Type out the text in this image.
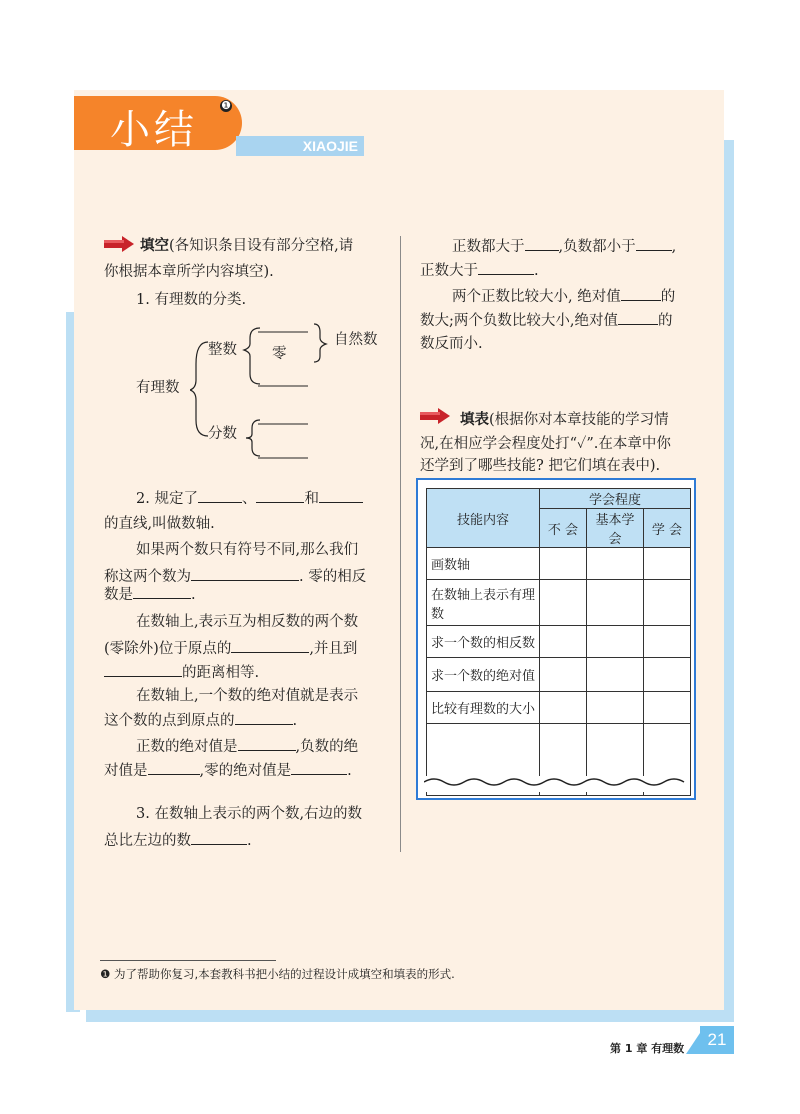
小结
❶
XIAOJIE
填空(各知识条目设有部分空格,请
你根据本章所学内容填空).
1. 有理数的分类.
有理数
整数 零
自然数
分数
2. 规定了	、	和
的直线,叫做数轴.
如果两个数只有符号不同,那么我们
称这两个数为	. 零的相反
数是	.
在数轴上,表示互为相反数的两个数
(零除外)位于原点的	,并且到
的距离相等.
在数轴上,一个数的绝对值就是表示
这个数的点到原点的	.
正数的绝对值是	,负数的绝
对值是	,零的绝对值是	.
3. 在数轴上表示的两个数,右边的数
总比左边的数	.
正数都大于 ,负数都小于 ,
正数大于	.
两个正数比较大小, 绝对值	的
数大;两个负数比较大小,绝对值	的
数反而小.
填表(根据你对本章技能的学习情
况,在相应学会程度处打“✓”.在本章中你
还学到了哪些技能? 把它们填在表中).
技能内容	学会程度		
	不 会	基本学会	学 会
画数轴			
在数轴上表示有理
数			
求一个数的相反数			
求一个数的绝对值			
比较有理数的大小			

❶ 为了帮助你复习,本套教科书把小结的过程设计成填空和填表的形式.
第 1 章 有理数	21
